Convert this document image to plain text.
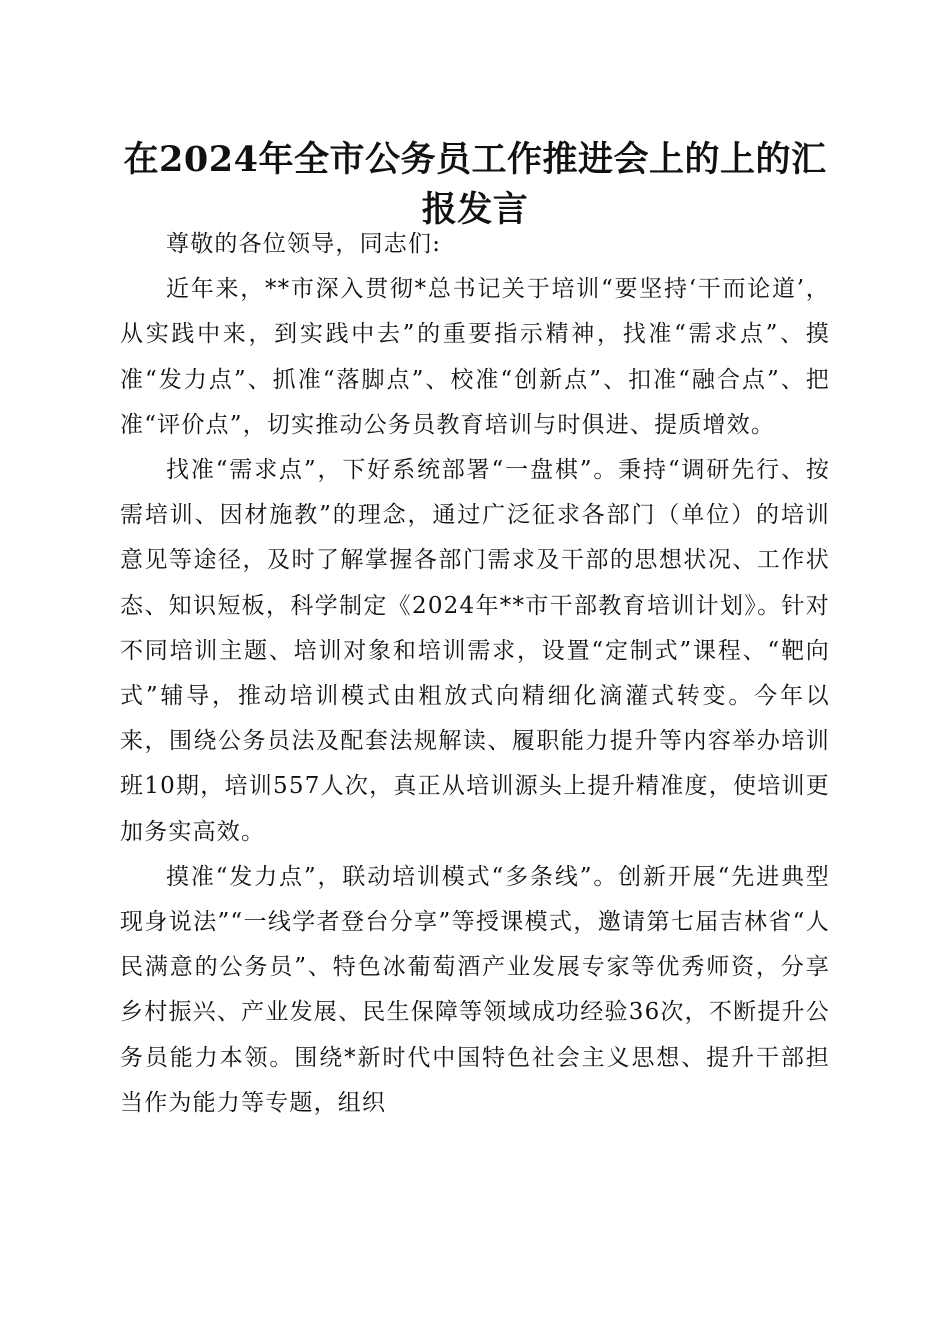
在2024年全市公务员工作推进会上的上的汇报发言

尊敬的各位领导，同志们:

近年来，**市深入贯彻*总书记关于培训“要坚持‘干而论道’，从实践中来，到实践中去”的重要指示精神，找准“需求点”、摸准“发力点”、抓准“落脚点”、校准“创新点”、扣准“融合点”、把准“评价点”，切实推动公务员教育培训与时俱进、提质增效。

找准“需求点”，下好系统部署“一盘棋”。秉持“调研先行、按需培训、因材施教”的理念，通过广泛征求各部门（单位）的培训意见等途径，及时了解掌握各部门需求及干部的思想状况、工作状态、知识短板，科学制定《2024年**市干部教育培训计划》。针对不同培训主题、培训对象和培训需求，设置“定制式”课程、“靶向式”辅导，推动培训模式由粗放式向精细化滴灌式转变。今年以来，围绕公务员法及配套法规解读、履职能力提升等内容举办培训班10期，培训557人次，真正从培训源头上提升精准度，使培训更加务实高效。

摸准“发力点”，联动培训模式“多条线”。创新开展“先进典型现身说法”“一线学者登台分享”等授课模式，邀请第七届吉林省“人民满意的公务员”、特色冰葡萄酒产业发展专家等优秀师资，分享乡村振兴、产业发展、民生保障等领域成功经验36次，不断提升公务员能力本领。围绕*新时代中国特色社会主义思想、提升干部担当作为能力等专题，组织
